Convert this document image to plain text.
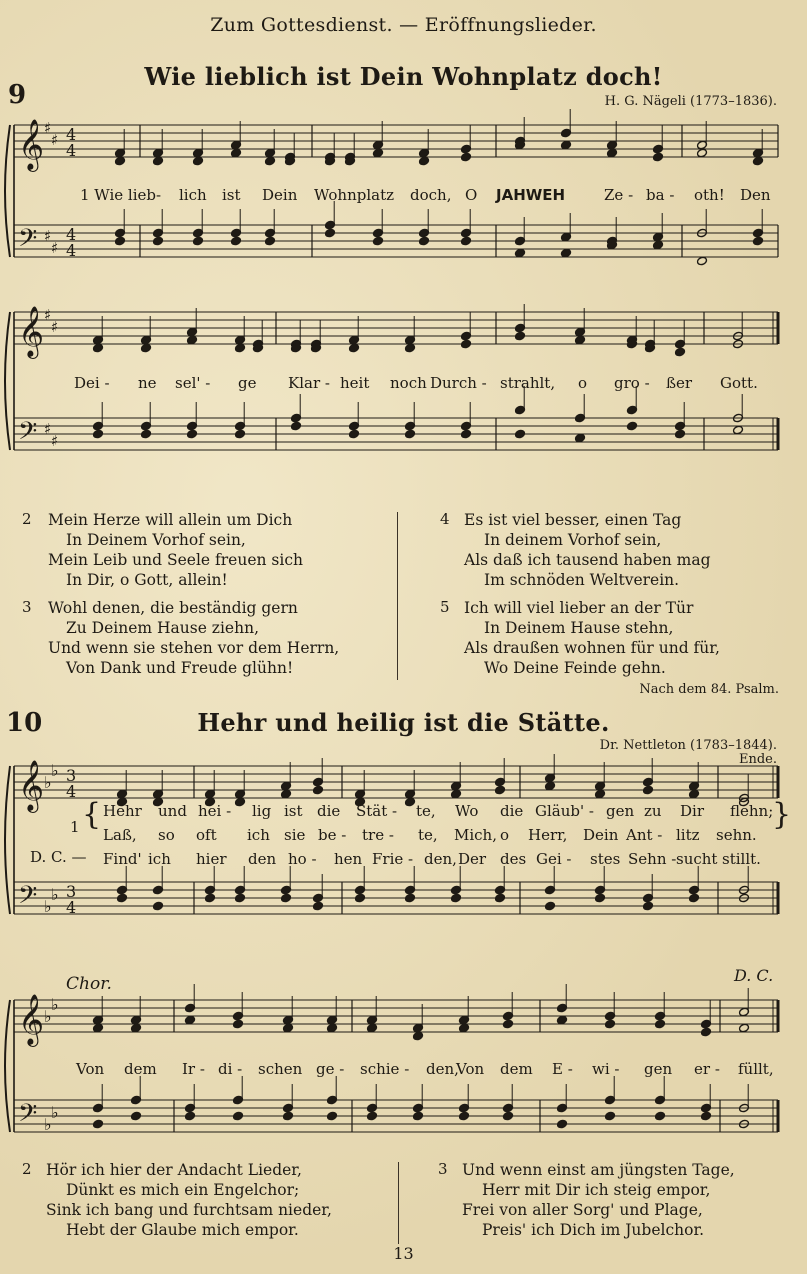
Zum Gottesdienst. — Eröffnungslieder.
9
Wie lieblich ist Dein Wohnplatz doch!
H. G. Nägeli (1773–1836).
𝄞
𝄢
♯
♯
♯
♯
4
4
4
4
𝄞
𝄢
♯
♯
♯
♯
𝄞
𝄢
♭
♭
♭
♭
3
4
3
4
𝄞
𝄢
♭
♭
♭
♭
1 Wie lieb- lich ist Dein Wohnplatz doch, O JAHWEH	Ze - ba - oth! Den
Dei - ne sel' - ge Klar - heit noch Durch - strahlt, o gro - ßer Gott.
2 Mein Herze will allein um Dich
In Deinem Vorhof sein,
Mein Leib und Seele freuen sich
In Dir, o Gott, allein!
3 Wohl denen, die beständig gern
Zu Deinem Hause ziehn,
Und wenn sie stehen vor dem Herrn,
Von Dank und Freude glühn!
4 Es ist viel besser, einen Tag
In deinem Vorhof sein,
Als daß ich tausend haben mag
Im schnöden Weltverein.
5 Ich will viel lieber an der Tür
In Deinem Hause stehn,
Als draußen wohnen für und für,
Wo Deine Feinde gehn.
Nach dem 84. Psalm.
10	Hehr und heilig ist die Stätte.
Dr. Nettleton (1783–1844).
Ende.
1 {	}
Hehr und hei - lig ist die Stät - te, Wo die Gläub' - gen zu Dir flehn;
Laß, so oft ich sie be - tre - te, Mich, o Herr, Dein Ant - litz sehn.
D. C. — Find' ich hier den ho - hen Frie - den, Der des Gei - stes Sehn - sucht stillt.
Chor.	D. C.
Von dem Ir - di - schen ge - schie - den,
Von dem E - wi - gen er - füllt,
2 Hör ich hier der Andacht Lieder,
Dünkt es mich ein Engelchor;
Sink ich bang und furchtsam nieder,
Hebt der Glaube mich empor.
3 Und wenn einst am jüngsten Tage,
Herr mit Dir ich steig empor,
Frei von aller Sorg' und Plage,
Preis' ich Dich im Jubelchor.
13
